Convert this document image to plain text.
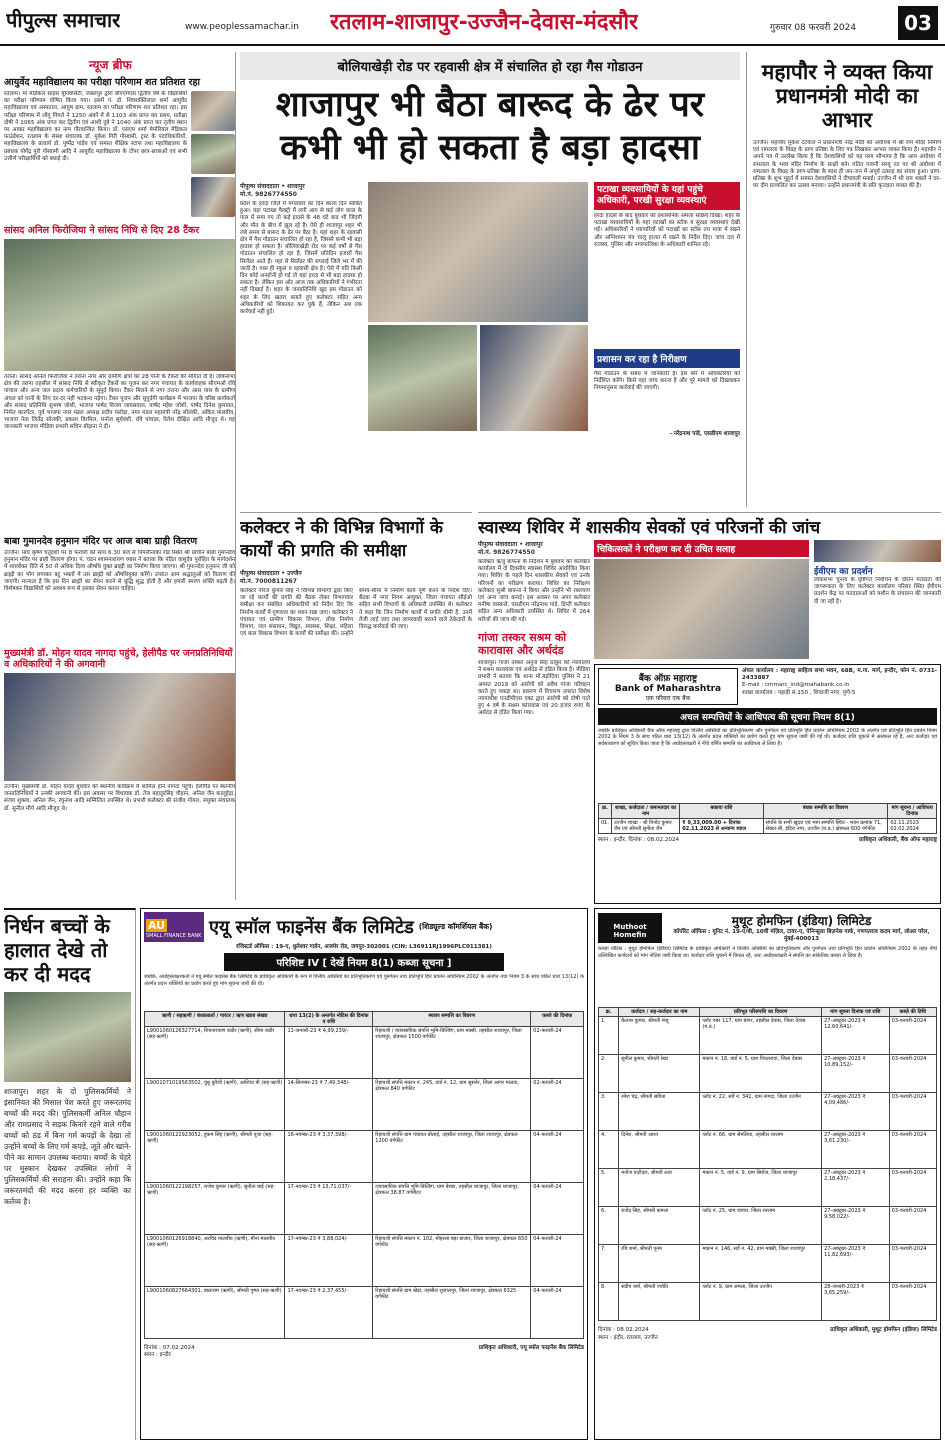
पीपुल्स समाचार	www.peoplessamachar.in रतलाम-शाजापुर-उज्जैन-देवास-मंदसौर	गुरुवार 08 फरवरी 2024	03
न्यूज ब्रीफ
आयुर्वेद महाविद्यालय का परीक्षा परिणाम शत प्रतिशत रहा
रतलाम। मां मेडिकल साइंस यूनिवर्सिटी, जबलपुर द्वारा बीएएमएस द्वितीय वर्ष के विद्यार्थियों का परीक्षा परिणाम घोषित किया गया। इसमें पं. डॉ. शिवशक्तिलाल शर्मा आयुर्वेद महाविद्यालय एवं अस्पताल, आयुष ग्राम, रतलाम का परीक्षा परिणाम शत प्रतिशत रहा। इस परीक्षा परिणाम में लोंगु पिंगले ने 1250 अंकों में से 1103 अंक प्राप्त कर प्रथम, प्रतीक्षा दोषी ने 1065 अंक प्राप्त कर द्वितीय एवं आशी दुबे ने 1040 अंक प्राप्त कर तृतीय स्थान पर आकर महाविद्यालय का नाम गौरवान्वित किया। डॉ. एसएम शर्मा मेमोरियल मेडिकल फाउंडेशन, रतलाम के संस्था संचालक डॉ. मुकेश गिरी गोस्वामी, ट्रस्ट के पदाधिकारियों, महाविद्यालय के प्राचार्य डॉ. पुष्पेंद्र पांडेय एवं समस्त शैक्षिक स्टाफ तथा महाविद्यालय के प्रबंधक योगेंद्र पुरी गोस्वामी आदि ने आयुर्वेद महाविद्यालय के टॉपर छात्र-छात्राओं एवं सभी उत्तीर्ण परीक्षार्थियों को बधाई दी।
सांसद अनिल फिरोजिया ने सांसद निधि से दिए 28 टैंकर
तराना। सांसद अनिल फिरोजिया ने तराना नगर और ग्रामीण क्षेत्रों को 28 पानी के टैंकरों की सौगात दी है। लोकसभा क्षेत्र की तराना तहसील में सांसद निधि से स्वीकृत टैंकरों का पूजन कर नगर पंचायत के कार्यवाहक सीएमओ रवि पांचाल और अन्य जल प्रदाय कर्मचारियों के सुपुर्द किया। टैंकर मिलने से नगर तराना और आस पास के ग्रामीण अंचल को पानी के लिए दर-दर नहीं भटकना पड़ेगा। टैंकर पूजन और सुपुर्दगी कार्यक्रम में भाजपा के वरिष्ठ कार्यकर्ता और सांसद प्रतिनिधि सुभाष जोशी, भाजपा पार्षद विजय जायसवाल, पार्षद महेश जोशी, पार्षद दिनेश कुमावत, निर्मल कारपेंटर, पूर्व भाजपा नगर मंडल अध्यक्ष प्रदीप पलोड़ा, नगर मंडल महामंत्री नरेंद्र सोलंकी, अंकित मालवीय, भाजपा नेता जितेंद्र सोलंकी, प्रकाश विरमिल, मनोज सूर्यवंशी, रवि पांचाल, रितेश दीक्षित आदि मौजूद थे। यह जानकारी भाजपा मीडिया प्रभारी सचिन बोड़ाना ने दी।
बाबा गुमानदेव हनुमान मंदिर पर आज बाबा ग्राही वितरण
उज्जैन। माघ कृष्ण चतुर्दशी पर 8 फरवरी को सायं 6.30 बजे से पिपलीनाका रोड स्थित श्री प्राचीन बाबा गुमानदेव हनुमान मंदिर पर ब्राही वितरण होगा। पं. चंदन श्यामनारायण व्यास ने बताया कि पंडित वासुदेव पुरोहित के मार्गदर्शन में शास्त्रोक्त रीति से 50 से अधिक दिव्य औषधि युक्त ब्राह्मी का निर्माण किया जाएगा। श्री गुमानदेव हनुमान जी को ब्राह्मी का भोग लगाकर बटु भक्तों में उस ब्राह्मी को औषधियुक्त करेंगे। उपरांत आम श्रद्धालुओं को वितरण की जाएगी। मान्यता है कि इस दिन ब्राह्मी का सेवन करने से बुद्धि शुद्ध होती है और हमारी स्मरण शक्ति बढ़ती है। विशेषकर विद्यार्थियों को अवश्य रूप से इसका सेवन करना चाहिए।
मुख्यमंत्री डॉ. मोहन यादव नागदा पहुंचे, हेलीपैड पर जनप्रतिनिधियों व अधिकारियों ने की अगवानी
उज्जैन। मुख्यमंत्री डॉ. मोहन यादव बुधवार को स्थानीय कार्यक्रम में शामिल होने नागदा पहुंचे। हेलीपैड पर स्थानीय जनप्रतिनिधियों ने उनकी अगवानी की। इस अवसर पर विधायक डॉ. तेज बहादुरसिंह चौहान, अनिल जैन कालूहेड़ा, संजय शुक्ला, अनिल जैन, रघुनाथ आदि सम्मिलित उपस्थित थे। प्रभारी कलेक्टर श्री संजीव गोयल, संयुक्त संचालक डॉ. सुनील मौर्य आदि मौजूद थे।
बोलियाखेड़ी रोड पर रहवासी क्षेत्र में संचालित हो रहा गैस गोडाउन
शाजापुर भी बैठा बारूद के ढेर पर कभी भी हो सकता है बड़ा हादसा
पीपुल्स संवाददाता • शाजापुर
मो.नं. 9826774550
प्रदेश के हरदा जिले में मंगलवार का दिन काला दिन साबित हुआ। यहां पटाखा फैक्ट्री में लगी आग से कई लोग काल के गाल में समा गए तो कई हादसे के 48 घंटे बाद भी जिंदगी और मौत के बीच में झूल रहे हैं। ऐसे ही शाजापुर शहर भी लंबे समय से बारूद के ढेर पर बैठा है। यहां शहर के रहवासी क्षेत्र में गैस गोडाउन संचालित हो रहा है, जिससे कभी भी बड़ा हादसा हो सकता है। बोलियाखेड़ी रोड पर कई वर्षों से गैस गोडाउन संचालित हो रहा है, जिसमें प्रतिदिन हजारों गैस सिलेंडर आते हैं। यहां से सिलेंडर की सप्लाई जिले भर में की जाती है। पास ही स्कूल व रहवासी क्षेत्र है। ऐसे में यदि किसी दिन कोई अनहोनी हो गई तो यहां हरदा से भी बड़ा हादसा हो सकता है। लेकिन इस ओर आज तक अधिकारियों ने गंभीरता नहीं दिखाई है। शहर के जनप्रतिनिधि खुद इस गोडाउन को शहर के लिए खतरा बताते हुए कलेक्टर सहित अन्य अधिकारियों को शिकायत कर चुके हैं, लेकिन अब तक कार्रवाई नहीं हुई।
पटाखा व्यवसायियों के यहां पहुंचे अधिकारी, परखी सुरक्षा व्यवस्थाएं
हरदा हादसे के बाद बुधवार को प्रशासनिक अमला सक्रिय दिखा। शहर के पटाखा व्यवसायियों के यहां पटाखों का स्टॉक व सुरक्षा व्यवस्थाएं देखी गईं। अधिकारियों ने व्यापारियों को पटाखों का स्टॉक तय मात्रा में रखने और अग्निशमन यंत्र चालू हालत में रखने के निर्देश दिए। जांच दल में राजस्व, पुलिस और नगरपालिका के अधिकारी शामिल रहे।
प्रशासन कर रहा है निरीक्षण
गैस गोडाउन के संबंध में जानकारी है। इस बारे में अधिकारियों को निर्देशित करेंगे। किसे वहां जांच करना है और पूरे मामले को दिखवाकर नियमानुसार कार्रवाई की जाएगी।
- नरेंद्रनाथ पांडे, एसडीएम शाजापुर
महापौर ने व्यक्त किया प्रधानमंत्री मोदी का आभार
उज्जैन। महापौर मुकेश टटवाल ने प्रधानमंत्री नरेंद्र मोदी को अयोध्या में श्री राम मंदिर निर्माण एवं रामलला के विग्रह के प्राण प्रतिष्ठा के लिए पत्र लिखकर आभार व्यक्त किया है। महापौर ने अपने पत्र में उल्लेख किया है कि देशवासियों को यह परम सौभाग्य है कि आप अयोध्या में रामलला के भव्य मंदिर निर्माण के साक्षी बने। पतित पावनी सरयू तट पर श्री अयोध्या में रामलला के विग्रह के प्राण-प्रतिष्ठा के साथ ही जन-जन में अपूर्व उत्साह का संचार हुआ। प्राण-प्रतिष्ठा के शुभ मुहूर्त में समस्त देशवासियों ने दीपावली मनाई। उज्जैन में भी राम भक्तों ने घर-घर दीप प्रज्वलित कर उत्सव मनाया। उन्होंने प्रधानमंत्री के प्रति कृतज्ञता व्यक्त की है।
कलेक्टर ने की विभिन्न विभागों के कार्यों की प्रगति की समीक्षा
पीपुल्स संवाददाता • उज्जैन
मो.नं. 7000811267
कलेक्टर नीरज कुमार सिंह ने विभिन्न विभागों द्वारा किए जा रहे कार्यों की प्रगति की बैठक लेकर विभागवार समीक्षा कर संबंधित अधिकारियों को निर्देश दिए कि निर्माण कार्यों में गुणवत्ता का ध्यान रखा जाए। कलेक्टर ने पंचायत एवं ग्रामीण विकास विभाग, लोक निर्माण विभाग, जल संसाधन, विद्युत, स्वास्थ्य, शिक्षा, महिला एवं बाल विकास विभाग के कार्यों की समीक्षा की। उन्होंने समय-सीमा में निर्माण कार्य पूर्ण करने के निर्देश दिए। बैठक में नगर निगम आयुक्त, जिला पंचायत सीईओ सहित सभी विभागों के अधिकारी उपस्थित थे। कलेक्टर ने कहा कि जिन निर्माण कार्यों में प्रगति धीमी है, उनमें तेजी लाई जाए तथा लापरवाही बरतने वाले ठेकेदारों के विरुद्ध कार्रवाई की जाए।
स्वास्थ्य शिविर में शासकीय सेवकों एवं परिजनों की जांच
पीपुल्स संवाददाता • शाजापुर
मो.नं. 9826774550
कलेक्टर ऋजु बाफना के निर्देशन में बुधवार को कलेक्टर कार्यालय में दो दिवसीय स्वास्थ्य शिविर आयोजित किया गया। शिविर के पहले दिन शासकीय सेवकों एवं उनके परिजनों का परीक्षण कराया। शिविर का निरीक्षण कलेक्टर सुश्री बाफना ने किया और उन्होंने भी रक्तचाप एवं अन्य जांच कराई। इस अवसर पर अपर कलेक्टर मनीषा वास्कले, एसडीएम नरेंद्रनाथ पांडे, डिप्टी कलेक्टर सहित अन्य अधिकारी उपस्थित थे। शिविर में 264 मरीजों की जांच की गई।
गांजा तस्कर सश्रम को कारावास और अर्थदंड
शाजापुर। गांजा तस्कर अनुज सिंह ठाकुर को न्यायालय ने सश्रम कारावास एवं अर्थदंड से दंडित किया है। मीडिया प्रभारी ने बताया कि थाना मो.बड़ोदिया पुलिस ने 21 अगस्त 2019 को आरोपी को अवैध गांजा परिवहन करते हुए पकड़ा था। प्रकरण में विचारण उपरांत विशेष न्यायाधीश एनडीपीएस एक्ट द्वारा आरोपी को दोषी पाते हुए 4 वर्ष के सश्रम कारावास एवं 20 हजार रुपए के अर्थदंड से दंडित किया गया।
चिकित्सकों ने परीक्षण कर दी उचित सलाह
ईवीएम का प्रदर्शन
लोकसभा चुनाव के दृष्टिगत निर्वाचन के दौरान मतदाता की जागरूकता के लिए कलेक्टर कार्यालय परिसर स्थित ईवीएम प्रदर्शन केंद्र पर मतदाताओं को मशीन के संचालन की जानकारी दी जा रही है।
बैंक ऑफ़ महाराष्ट्र
Bank of Maharashtra
एक परिवार एक बैंक
अंचल कार्यालय : महाराष्ट्र साहित्य सभा भवन, 68B, म.गा. मार्ग, इन्दौर, फोन नं. 0731-2433887
E-mail : cmmarc_ind@mahabank.co.in
शाखा कार्यालय : पहाड़ी सं.150 , शिवाजी नगर, पुणे-5
अचल सम्पत्तियों के आधिपत्य की सूचना नियम 8(1)
जबकि प्राधिकृत अधिकारी बैंक ऑफ महाराष्ट्र द्वारा वित्तीय आस्तियों का प्रतिभूतिकरण और पुनर्गठन एवं प्रतिभूति हित प्रवर्तन अधिनियम 2002 के अंतर्गत एवं प्रतिभूति हित प्रवर्तन नियम 2002 के नियम 3 के साथ पठित धारा 13(12) के अंतर्गत प्रदत्त शक्तियों का प्रयोग करते हुए मांग सूचना जारी की गई थी। कर्जदार राशि चुकाने में असफल रहे हैं, अतः कर्जदार एवं सर्वसाधारण को सूचित किया जाता है कि अधोहस्ताक्षरी ने नीचे वर्णित सम्पत्ति का आधिपत्य ले लिया है।
क्र.	शाखा, कर्जदाता / जमानतदार का नाम	बकाया राशि	बंधक सम्पत्ति का विवरण	मांग सूचना / आधिपत्य दिनांक
01.	उज्जैन शाखा - श्री विनोद कुमार जैन एवं श्रीमती सुनीता जैन	₹ 9,33,009.00 + दिनांक 02.11.2023 से अन्यान्य ब्याज	संपत्ति के सभी खुदरा एवं भाग सम्पत्ति स्थित - भवन क्रमांक 71, सेक्टर-बी, इंदिरा नगर, उज्जैन (म.प्र.) क्षेत्रफल 600 वर्गफीट	02.11.2023 02.02.2024
स्थान : इन्दौर, दिनांक : 08.02.2024	प्राधिकृत अधिकारी, बैंक ऑफ महाराष्ट्र
निर्धन बच्चों के हालात देखे तो कर दी मदद
शाजापुर। शहर के दो पुलिसकर्मियों ने इंसानियत की मिसाल पेश करते हुए जरूरतमंद बच्चों की मदद की। पुलिसकर्मी अनिल चौहान और रामप्रसाद ने सड़क किनारे रहने वाले गरीब बच्चों को ठंड में बिना गर्म कपड़ों के देखा तो उन्होंने बच्चों के लिए गर्म कपड़े, जूते और खाने-पीने का सामान उपलब्ध कराया। बच्चों के चेहरे पर मुस्कान देखकर उपस्थित लोगों ने पुलिसकर्मियों की सराहना की। उन्होंने कहा कि जरूरतमंदों की मदद करना हर व्यक्ति का कर्तव्य है।
AU
SMALL FINANCE BANK एयू स्मॉल फाइनेंस बैंक लिमिटेड (शिड्यूल्ड कॉमर्शियल बैंक)
रजिस्टर्ड ऑफिस : 19-ए, धुलेश्वर गार्डन, अजमेर रोड, जयपुर-302001 (CIN: L36911RJ1996PLC011381)
परिशिष्ट IV [ देखें नियम 8(1) कब्जा सूचना ]
जबकि, अधोहस्ताक्षरकर्ता ने एयू स्मॉल फाइनेंस बैंक लिमिटेड के प्राधिकृत अधिकारी के रूप में वित्तीय आस्तियों का प्रतिभूतिकरण एवं पुनर्गठन तथा प्रतिभूति हित प्रवर्तन अधिनियम 2002 के अंतर्गत तथा नियम 3 के साथ पठित धारा 13(12) के अंतर्गत प्रदत्त शक्तियों का प्रयोग करते हुए मांग सूचना जारी की थी।
ऋणी / सहऋणी / बंधककर्ता / गारंटर / ऋण खाता संख्या	धारा 13(2) के अन्तर्गत नोटिस की दिनांक व राशि	स्थावर सम्पत्ति का विवरण	कब्जे की दिनांक
L9001060126327714, शिवनारायण राठौर (ऋणी), सीमा राठौर (सह-ऋणी)	11-जनवरी-23 ₹ 4,99,239/-	रिहायशी / व्यावसायिक संपत्ति भूमि-बिल्डिंग, ग्राम मक्सी, तहसील शाजापुर, जिला शाजापुर, क्षेत्रफल 1500 वर्गफीट	02-फरवरी-24
L9001071019563502, चुन्नू कुरैशी (ऋणी), आशिया बी (सह-ऋणी)	14-सितम्बर-23 ₹ 7,49,348/-	रिहायशी संपत्ति मकान नं. 245, वार्ड नं. 12, ग्राम सुसनेर, जिला आगर मालवा, क्षेत्रफल 840 वर्गफीट	02-फरवरी-24
L9001060122923052, हुकम सिंह (ऋणी), श्रीमती पूजा (सह-ऋणी)	16-नवम्बर-23 ₹ 3,37,398/-	रिहायशी संपत्ति ग्राम पंचायत बोलाई, तहसील शाजापुर, जिला शाजापुर, क्षेत्रफल 1200 वर्गफीट	04-फरवरी-24
L9001060122198257, राजेश कुमार (ऋणी), सुनीता बाई (सह-ऋणी)	17-नवम्बर-23 ₹ 13,71,037/-	व्यावसायिक संपत्ति भूमि-बिल्डिंग, ग्राम बेरछा, तहसील शाजापुर, जिला शाजापुर, क्षेत्रफल 38.87 वर्गमीटर	04-फरवरी-24
L9001060126918840, अरविंद मालवीय (ऋणी), मीना मालवीय (सह-ऋणी)	17-नवम्बर-23 ₹ 3,88,024/-	रिहायशी संपत्ति मकान नं. 102, मोहल्ला बड़ा बाजार, जिला शाजापुर, क्षेत्रफल 650 वर्गफीट	04-फरवरी-24
L9001060827664301, बालाराम (ऋणी), श्रीमती पुष्पा (सह-ऋणी)	17-नवम्बर-23 ₹ 2,37,455/-	रिहायशी संपत्ति ग्राम खेड़ा, तहसील शुजालपुर, जिला शाजापुर, क्षेत्रफल 6325 वर्गफीट	04-फरवरी-24
दिनांक : 07.02.2024
स्थान : इन्दौर
प्राधिकृत अधिकारी, एयू स्मॉल फाइनेंस बैंक लिमिटेड
Muthoot Homefin
मुथूट होमफिन (इंडिया) लिमिटेड
कॉर्पोरेट ऑफिस : यूनिट नं. 19-ए/बी, 10वीं मंज़िल, टावर-ए, पेनिन्सुला बिज़नेस पार्क, गणपतराव कदम मार्ग, लोअर परेल, मुंबई-400013
कब्ज़ा नोटिस : मुथूट होमफिन (इंडिया) लिमिटेड के प्राधिकृत अधिकारी ने वित्तीय आस्तियों का प्रतिभूतिकरण और पुनर्गठन तथा प्रतिभूति हित प्रवर्तन अधिनियम 2002 के तहत नीचे उल्लिखित कर्जदारों को मांग नोटिस जारी किया था। कर्जदार राशि चुकाने में विफल रहे, अतः अधोहस्ताक्षरी ने संपत्ति का सांकेतिक कब्ज़ा ले लिया है।
क्र.	कर्जदार / सह-कर्जदार का नाम	प्रतिभूत परिसंपत्ति का विवरण	मांग सूचना दिनांक एवं राशि	कब्ज़े की तिथि
1.	कैलाश कुमार, श्रीमती मंजू	प्लॉट नंबर 117, ग्राम बांगर, तहसील देवास, जिला देवास (म.प्र.)	27-अक्टूबर-2023 ₹ 12,60,641/-	03-फरवरी-2024
2.	सुनील कुमार, श्रीमती रेखा	मकान नं. 18, वार्ड नं. 5, ग्राम पिपलरावां, जिला देवास	27-अक्टूबर-2023 ₹ 10,89,152/-	03-फरवरी-2024
3.	रमेश चंद्र, श्रीमती सविता	प्लॉट नं. 22, सर्वे नं. 341, ग्राम नागदा, जिला उज्जैन	27-अक्टूबर-2023 ₹ 4,09,486/-	03-फरवरी-2024
4.	दिनेश, श्रीमती आशा	प्लॉट नं. 66, ग्राम सेमलिया, तहसील रतलाम	27-अक्टूबर-2023 ₹ 3,61,230/-	03-फरवरी-2024
5.	मनोज पाटीदार, श्रीमती लता	मकान नं. 5, वार्ड नं. 9, ग्राम सिरोंज, जिला शाजापुर	27-अक्टूबर-2023 ₹ 2,18,437/-	03-फरवरी-2024
6.	राजेंद्र सिंह, श्रीमती कमला	प्लॉट नं. 25, ग्राम जावरा, जिला रतलाम	27-अक्टूबर-2023 ₹ 9,58,022/-	03-फरवरी-2024
7.	रवि शर्मा, श्रीमती पूनम	मकान नं. 146, सर्वे नं. 42, ग्राम मक्सी, जिला शाजापुर	27-अक्टूबर-2023 ₹ 11,82,693/-	03-फरवरी-2024
8.	संदीप वर्मा, श्रीमती ज्योति	प्लॉट नं. 9, ग्राम अमला, जिला उज्जैन	28-जनवरी-2023 ₹ 3,65,259/-	03-फरवरी-2024
दिनांक : 08.02.2024
स्थान : इंदौर, रतलाम, उज्जैन
प्राधिकृत अधिकारी, मुथूट होमफिन (इंडिया) लिमिटेड
